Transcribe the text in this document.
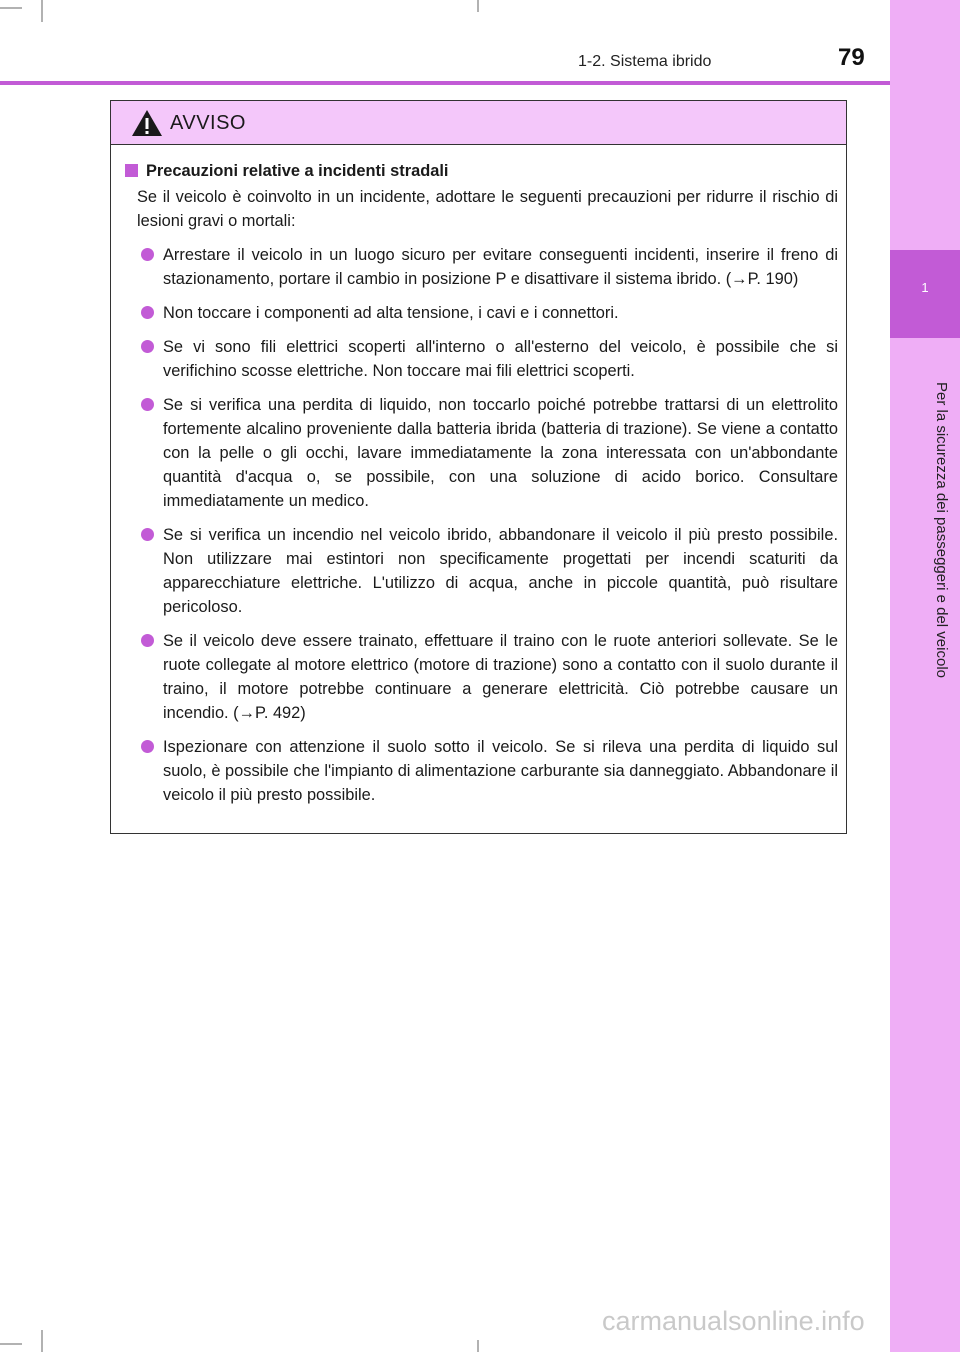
1
Per la sicurezza dei passeggeri e del veicolo
1-2. Sistema ibrido	79
AVVISO
Precauzioni relative a incidenti stradali
Se il veicolo è coinvolto in un incidente, adottare le seguenti precauzioni per ridurre il rischio di lesioni gravi o mortali:
Arrestare il veicolo in un luogo sicuro per evitare conseguenti incidenti, inserire il freno di stazionamento, portare il cambio in posizione P e disattivare il sistema ibrido. (→P. 190)
Non toccare i componenti ad alta tensione, i cavi e i connettori.
Se vi sono fili elettrici scoperti all'interno o all'esterno del veicolo, è possibile che si verifichino scosse elettriche. Non toccare mai fili elettrici scoperti.
Se si verifica una perdita di liquido, non toccarlo poiché potrebbe trattarsi di un elettrolito fortemente alcalino proveniente dalla batteria ibrida (batteria di trazione). Se viene a contatto con la pelle o gli occhi, lavare immediatamente la zona interessata con un'abbondante quantità d'acqua o, se possibile, con una soluzione di acido borico. Consultare immediatamente un medico.
Se si verifica un incendio nel veicolo ibrido, abbandonare il veicolo il più presto possibile. Non utilizzare mai estintori non specificamente progettati per incendi scaturiti da apparecchiature elettriche. L'utilizzo di acqua, anche in piccole quantità, può risultare pericoloso.
Se il veicolo deve essere trainato, effettuare il traino con le ruote anteriori sollevate. Se le ruote collegate al motore elettrico (motore di trazione) sono a contatto con il suolo durante il traino, il motore potrebbe continuare a generare elettricità. Ciò potrebbe causare un incendio. (→P. 492)
Ispezionare con attenzione il suolo sotto il veicolo. Se si rileva una perdita di liquido sul suolo, è possibile che l'impianto di alimentazione carburante sia danneggiato. Abbandonare il veicolo il più presto possibile.
carmanualsonline.info
